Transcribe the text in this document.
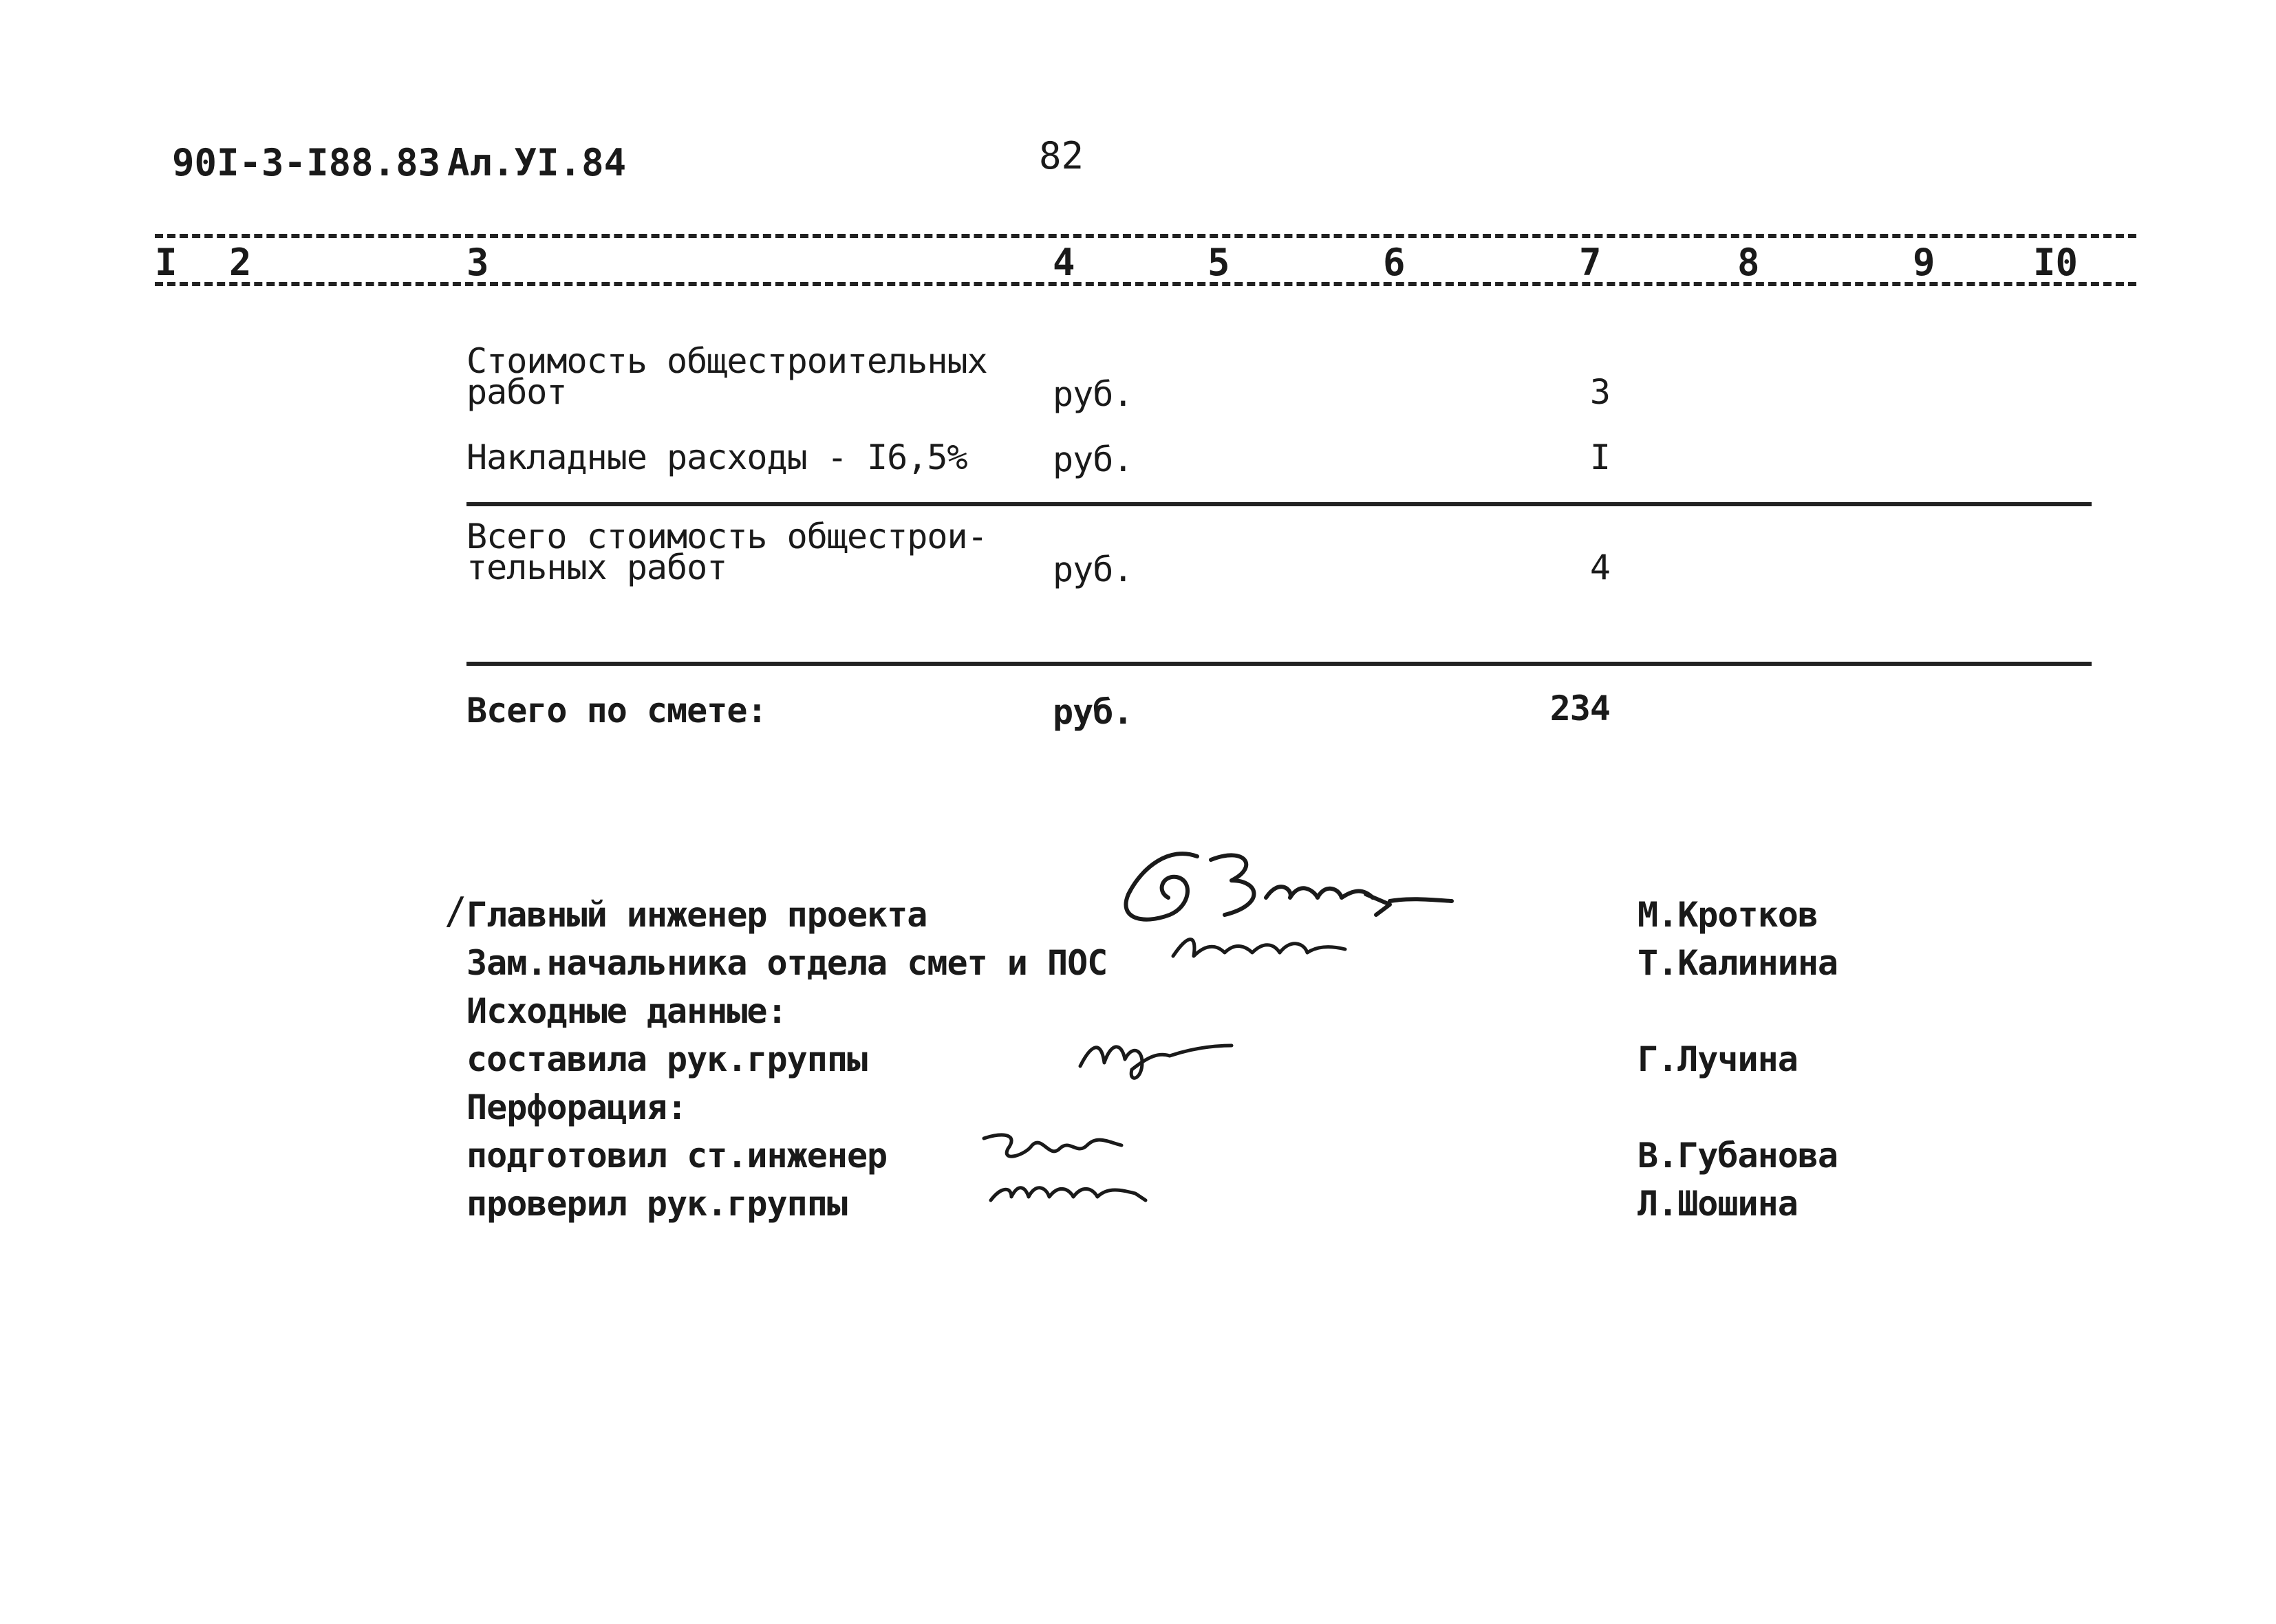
90I-3-I88.83 Ал.УI.84	82
I 2	3	4	5	6	7	8	9	I0
Стоимость общестроительных
работ	руб.	3
Накладные расходы - I6,5% руб.	I
Всего стоимость общестрои-
тельных работ	руб.	4
Всего по смете:	руб.	234
/ Главный инженер проекта	М.Кротков
Зам.начальника отдела смет и ПОС	Т.Калинина
Исходные данные:
составила рук.группы	Г.Лучина
Перфорация:
подготовил ст.инженер	В.Губанова
проверил рук.группы	Л.Шошина
